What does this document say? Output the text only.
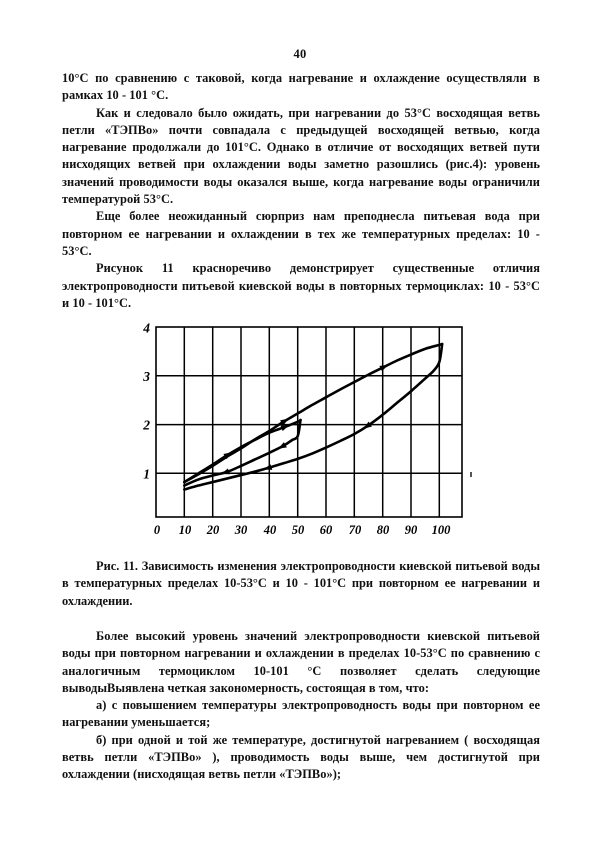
40

10°C по сравнению с таковой, когда нагревание и охлаждение осуществляли в рамках 10 - 101 °С.

Как и следовало было ожидать, при нагревании до 53°С восходящая ветвь петли «ТЭПВо» почти совпадала с предыдущей восходящей ветвью, когда нагревание продолжали до 101°С. Однако в отличие от восходящих ветвей пути нисходящих ветвей при охлаждении воды заметно разошлись (рис.4): уровень значений проводимости воды оказался выше, когда нагревание воды ограничили температурой 53°С.

Еще более неожиданный сюрприз нам преподнесла питьевая вода при повторном ее нагревании и охлаждении в тех же температурных пределах: 10 - 53°С.

Рисунок 11 красноречиво демонстрирует существенные отличия электропроводности питьевой киевской воды в повторных термоциклах: 10 - 53°С и 10 - 101°С.

4
3
2
1
0 10 20 30 40 50 60 70 80 90 100
Рис. 11. Зависимость изменения электропроводности киевской питьевой воды в температурных пределах 10-53°С и 10 - 101°С при повторном ее нагревании и охлаждении.

Более высокий уровень значений электропроводности киевской питьевой воды при повторном нагревании и охлаждении в пределах 10-53°С по сравнению с аналогичным термоциклом 10-101 °С позволяет сделать следующие выводыВыявлена четкая закономерность, состоящая в том, что:

а) с повышением температуры электропроводность воды при повторном ее нагревании уменьшается;

б) при одной и той же температуре, достигнутой нагреванием ( восходящая ветвь петли «ТЭПВо» ), проводимость воды выше, чем достигнутой при охлаждении (нисходящая ветвь петли «ТЭПВо»);
